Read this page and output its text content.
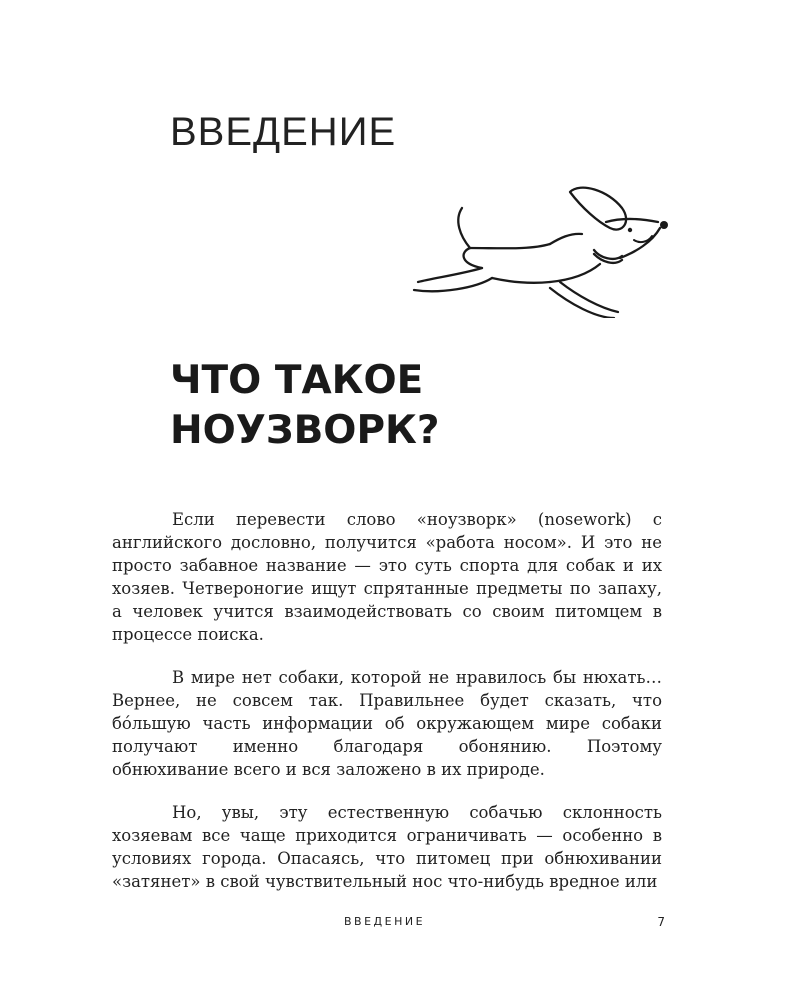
ВВЕДЕНИЕ
ЧТО ТАКОЕ
НОУЗВОРК?

Если перевести слово «ноузворк» (nosework) с английского дословно, получится «работа носом». И это не просто забавное название — это суть спорта для собак и их хозяев. Четвероногие ищут спрятанные предметы по запаху, а человек учится взаимодействовать со своим питомцем в процессе поиска.

В мире нет собаки, которой не нравилось бы нюхать… Вернее, не совсем так. Правильнее будет сказать, что бóльшую часть информации об окружающем мире собаки получают именно благодаря обонянию. Поэтому обнюхивание всего и вся заложено в их природе.

Но, увы, эту естественную собачью склонность хозяевам все чаще приходится ограничивать — особенно в условиях города. Опасаясь, что питомец при обнюхивании «затянет» в свой чувствительный нос что-нибудь вредное или

ВВЕДЕНИЕ	7
